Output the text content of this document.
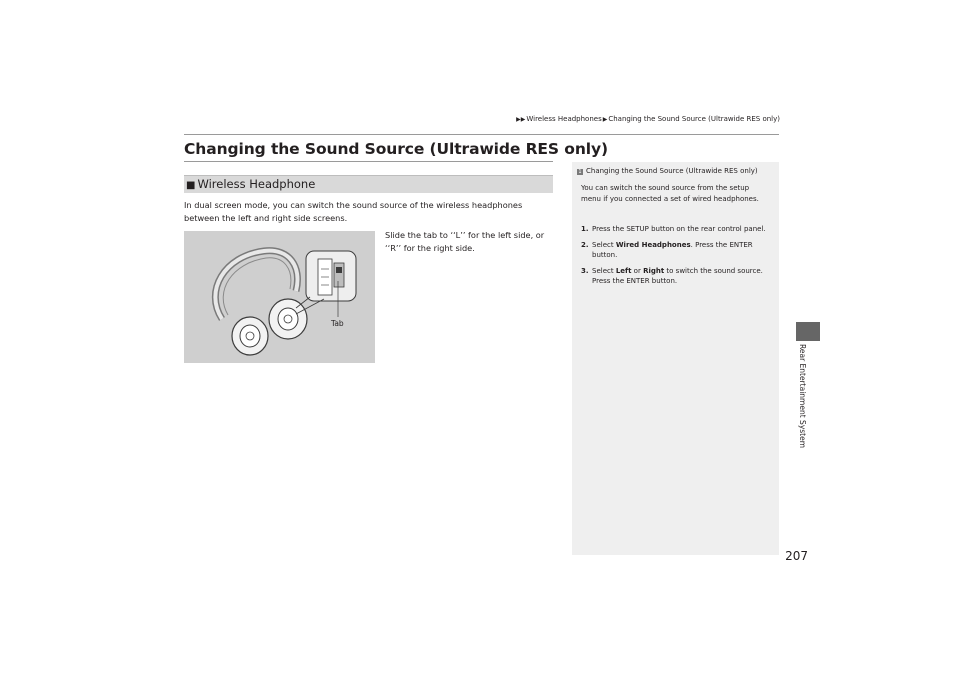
▶▶Wireless Headphones▶Changing the Sound Source (Ultrawide RES only)
Changing the Sound Source (Ultrawide RES only)
■ Wireless Headphone
In dual screen mode, you can switch the sound source of the wireless headphones between the left and right side screens.
Tab
Slide the tab to ‘‘L’’ for the left side, or ‘‘R’’ for the right side.
1 Changing the Sound Source (Ultrawide RES only)
You can switch the sound source from the setup menu if you connected a set of wired headphones.
1. Press the SETUP button on the rear control panel.
2. Select Wired Headphones. Press the ENTER button.
3. Select Left or Right to switch the sound source. Press the ENTER button.
Rear Entertainment System
207
